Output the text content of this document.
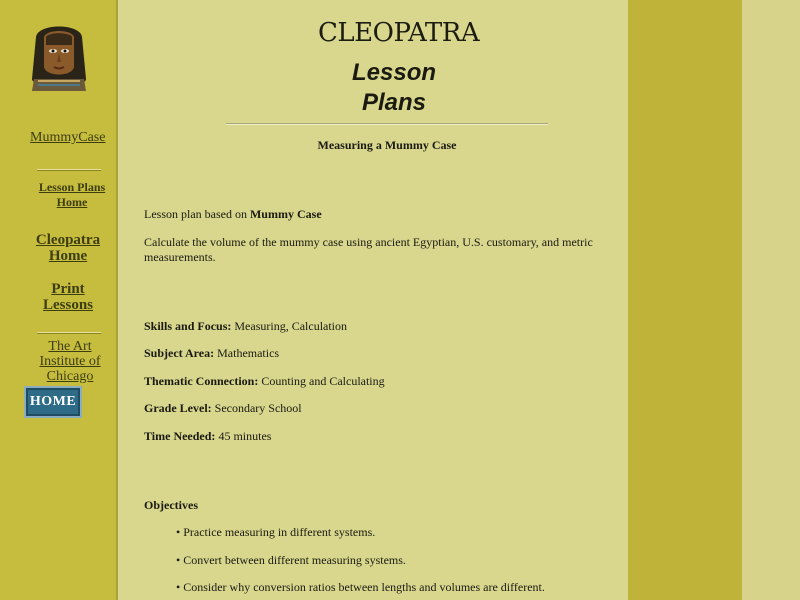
MummyCase
Lesson Plans
Home
Cleopatra
Home
Print
Lessons
The Art
Institute of
Chicago
HOME
CLEOPATRA
Lesson
Plans
Measuring a Mummy Case
Lesson plan based on Mummy Case
Calculate the volume of the mummy case using ancient Egyptian, U.S. customary, and metric measurements.
Skills and Focus: Measuring, Calculation
Subject Area: Mathematics
Thematic Connection: Counting and Calculating
Grade Level: Secondary School
Time Needed: 45 minutes
Objectives
• Practice measuring in different systems.
• Convert between different measuring systems.
• Consider why conversion ratios between lengths and volumes are different.
